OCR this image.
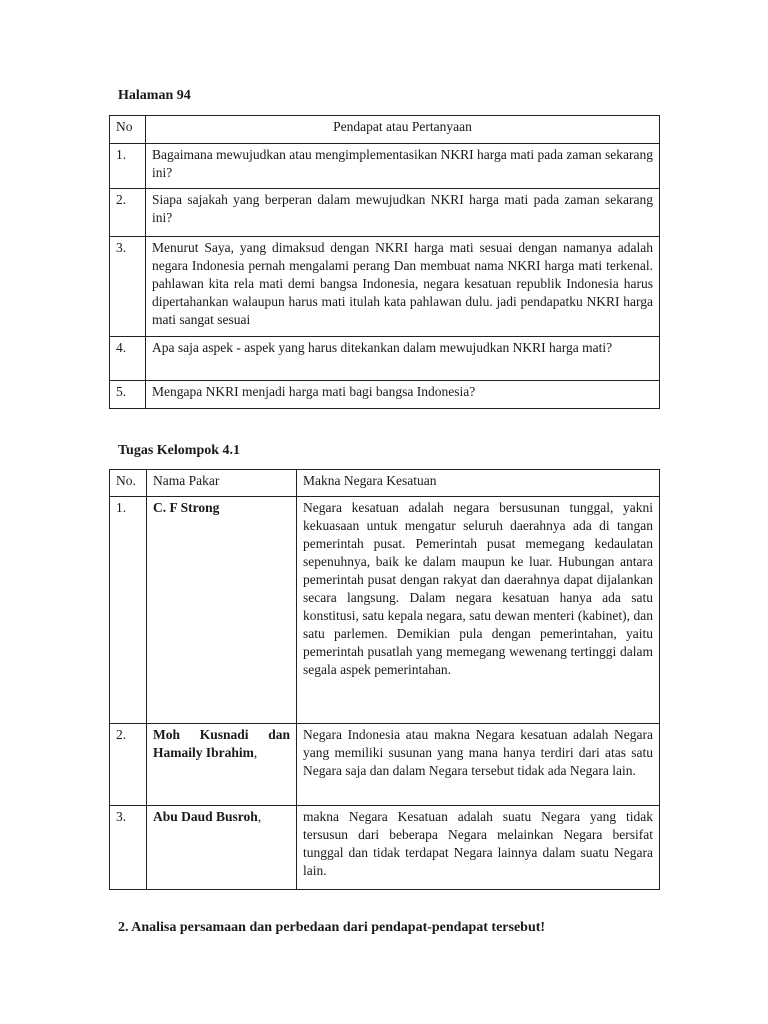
Halaman 94
No	Pendapat atau Pertanyaan
1.	Bagaimana mewujudkan atau mengimplementasikan NKRI harga mati pada zaman sekarang ini?
2.	Siapa sajakah yang berperan dalam mewujudkan NKRI harga mati pada zaman sekarang ini?
3.	Menurut Saya, yang dimaksud dengan NKRI harga mati sesuai dengan namanya adalah negara Indonesia pernah mengalami perang Dan membuat nama NKRI harga mati terkenal. pahlawan kita rela mati demi bangsa Indonesia, negara kesatuan republik Indonesia harus dipertahankan walaupun harus mati itulah kata pahlawan dulu. jadi pendapatku NKRI harga mati sangat sesuai
4.	Apa saja aspek - aspek yang harus ditekankan dalam mewujudkan NKRI harga mati?
5.	Mengapa NKRI menjadi harga mati bagi bangsa Indonesia?
Tugas Kelompok 4.1
No.	Nama Pakar	Makna Negara Kesatuan
1.	C. F Strong	Negara kesatuan adalah negara bersusunan tunggal, yakni kekuasaan untuk mengatur seluruh daerahnya ada di tangan pemerintah pusat. Pemerintah pusat memegang kedaulatan sepenuhnya, baik ke dalam maupun ke luar. Hubungan antara pemerintah pusat dengan rakyat dan daerahnya dapat dijalankan secara langsung. Dalam negara kesatuan hanya ada satu konstitusi, satu kepala negara, satu dewan menteri (kabinet), dan satu parlemen. Demikian pula dengan pemerintahan, yaitu pemerintah pusatlah yang memegang wewenang tertinggi dalam segala aspek pemerintahan.
2.	Moh Kusnadi dan Hamaily Ibrahim,	Negara Indonesia atau makna Negara kesatuan adalah Negara yang memiliki susunan yang mana hanya terdiri dari atas satu Negara saja dan dalam Negara tersebut tidak ada Negara lain.
3.	Abu Daud Busroh,	makna Negara Kesatuan adalah suatu Negara yang tidak tersusun dari beberapa Negara melainkan Negara bersifat tunggal dan tidak terdapat Negara lainnya dalam suatu Negara lain.
2. Analisa persamaan dan perbedaan dari pendapat-pendapat tersebut!
